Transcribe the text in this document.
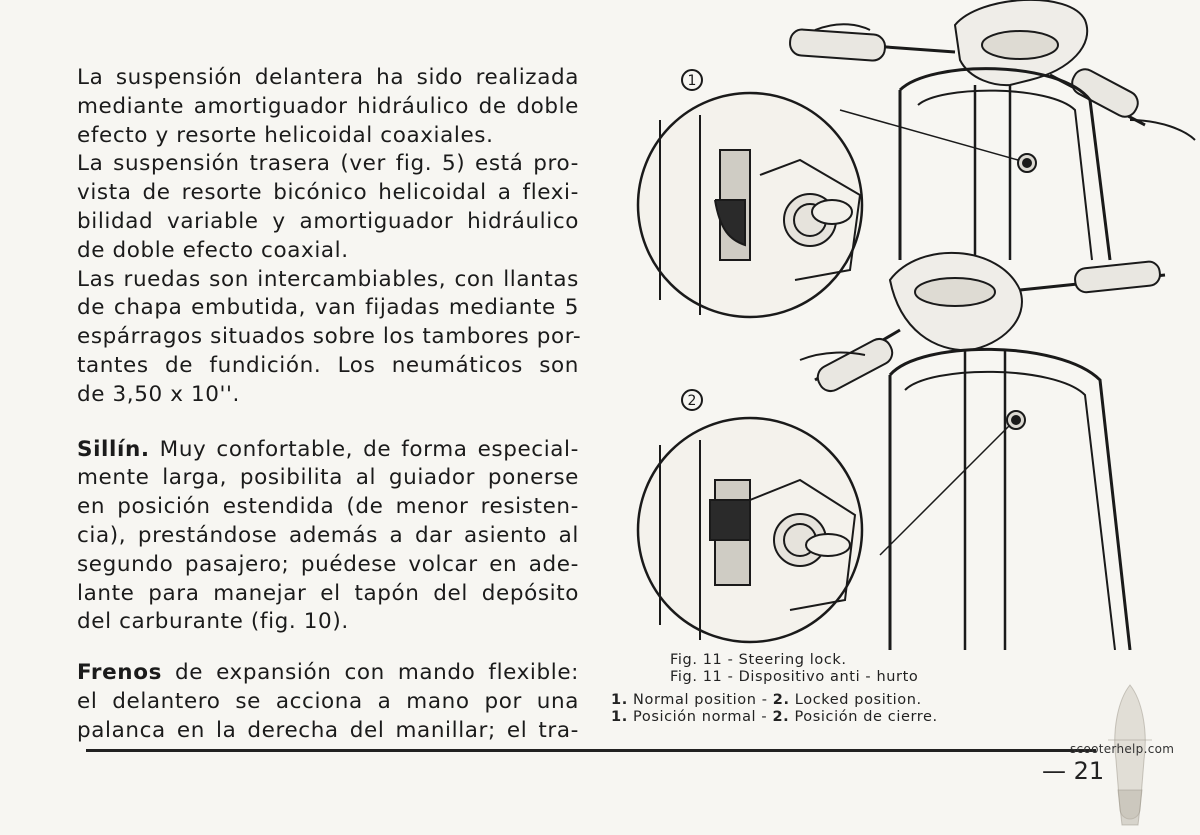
La suspensión delantera ha sido realizada
mediante amortiguador hidráulico de doble
efecto y resorte helicoidal coaxiales.
La suspensión trasera (ver fig. 5) está pro-
vista de resorte bicónico helicoidal a flexi-
bilidad variable y amortiguador hidráulico
de doble efecto coaxial.
Las ruedas son intercambiables, con llantas
de chapa embutida, van fijadas mediante 5
espárragos situados sobre los tambores por-
tantes de fundición. Los neumáticos son
de 3,50 x 10''.
Sillín. Muy confortable, de forma especial-
mente larga, posibilita al guiador ponerse
en posición estendida (de menor resisten-
cia), prestándose además a dar asiento al
segundo pasajero; puédese volcar en ade-
lante para manejar el tapón del depósito
del carburante (fig. 10).
Frenos de expansión con mando flexible:
el delantero se acciona a mano por una
palanca en la derecha del manillar; el tra-
1
2
Fig. 11 - Steering lock.
Fig. 11 - Dispositivo anti - hurto
1. Normal position - 2. Locked position.
1. Posición normal - 2. Posición de cierre.
— 21
scooterhelp.com
